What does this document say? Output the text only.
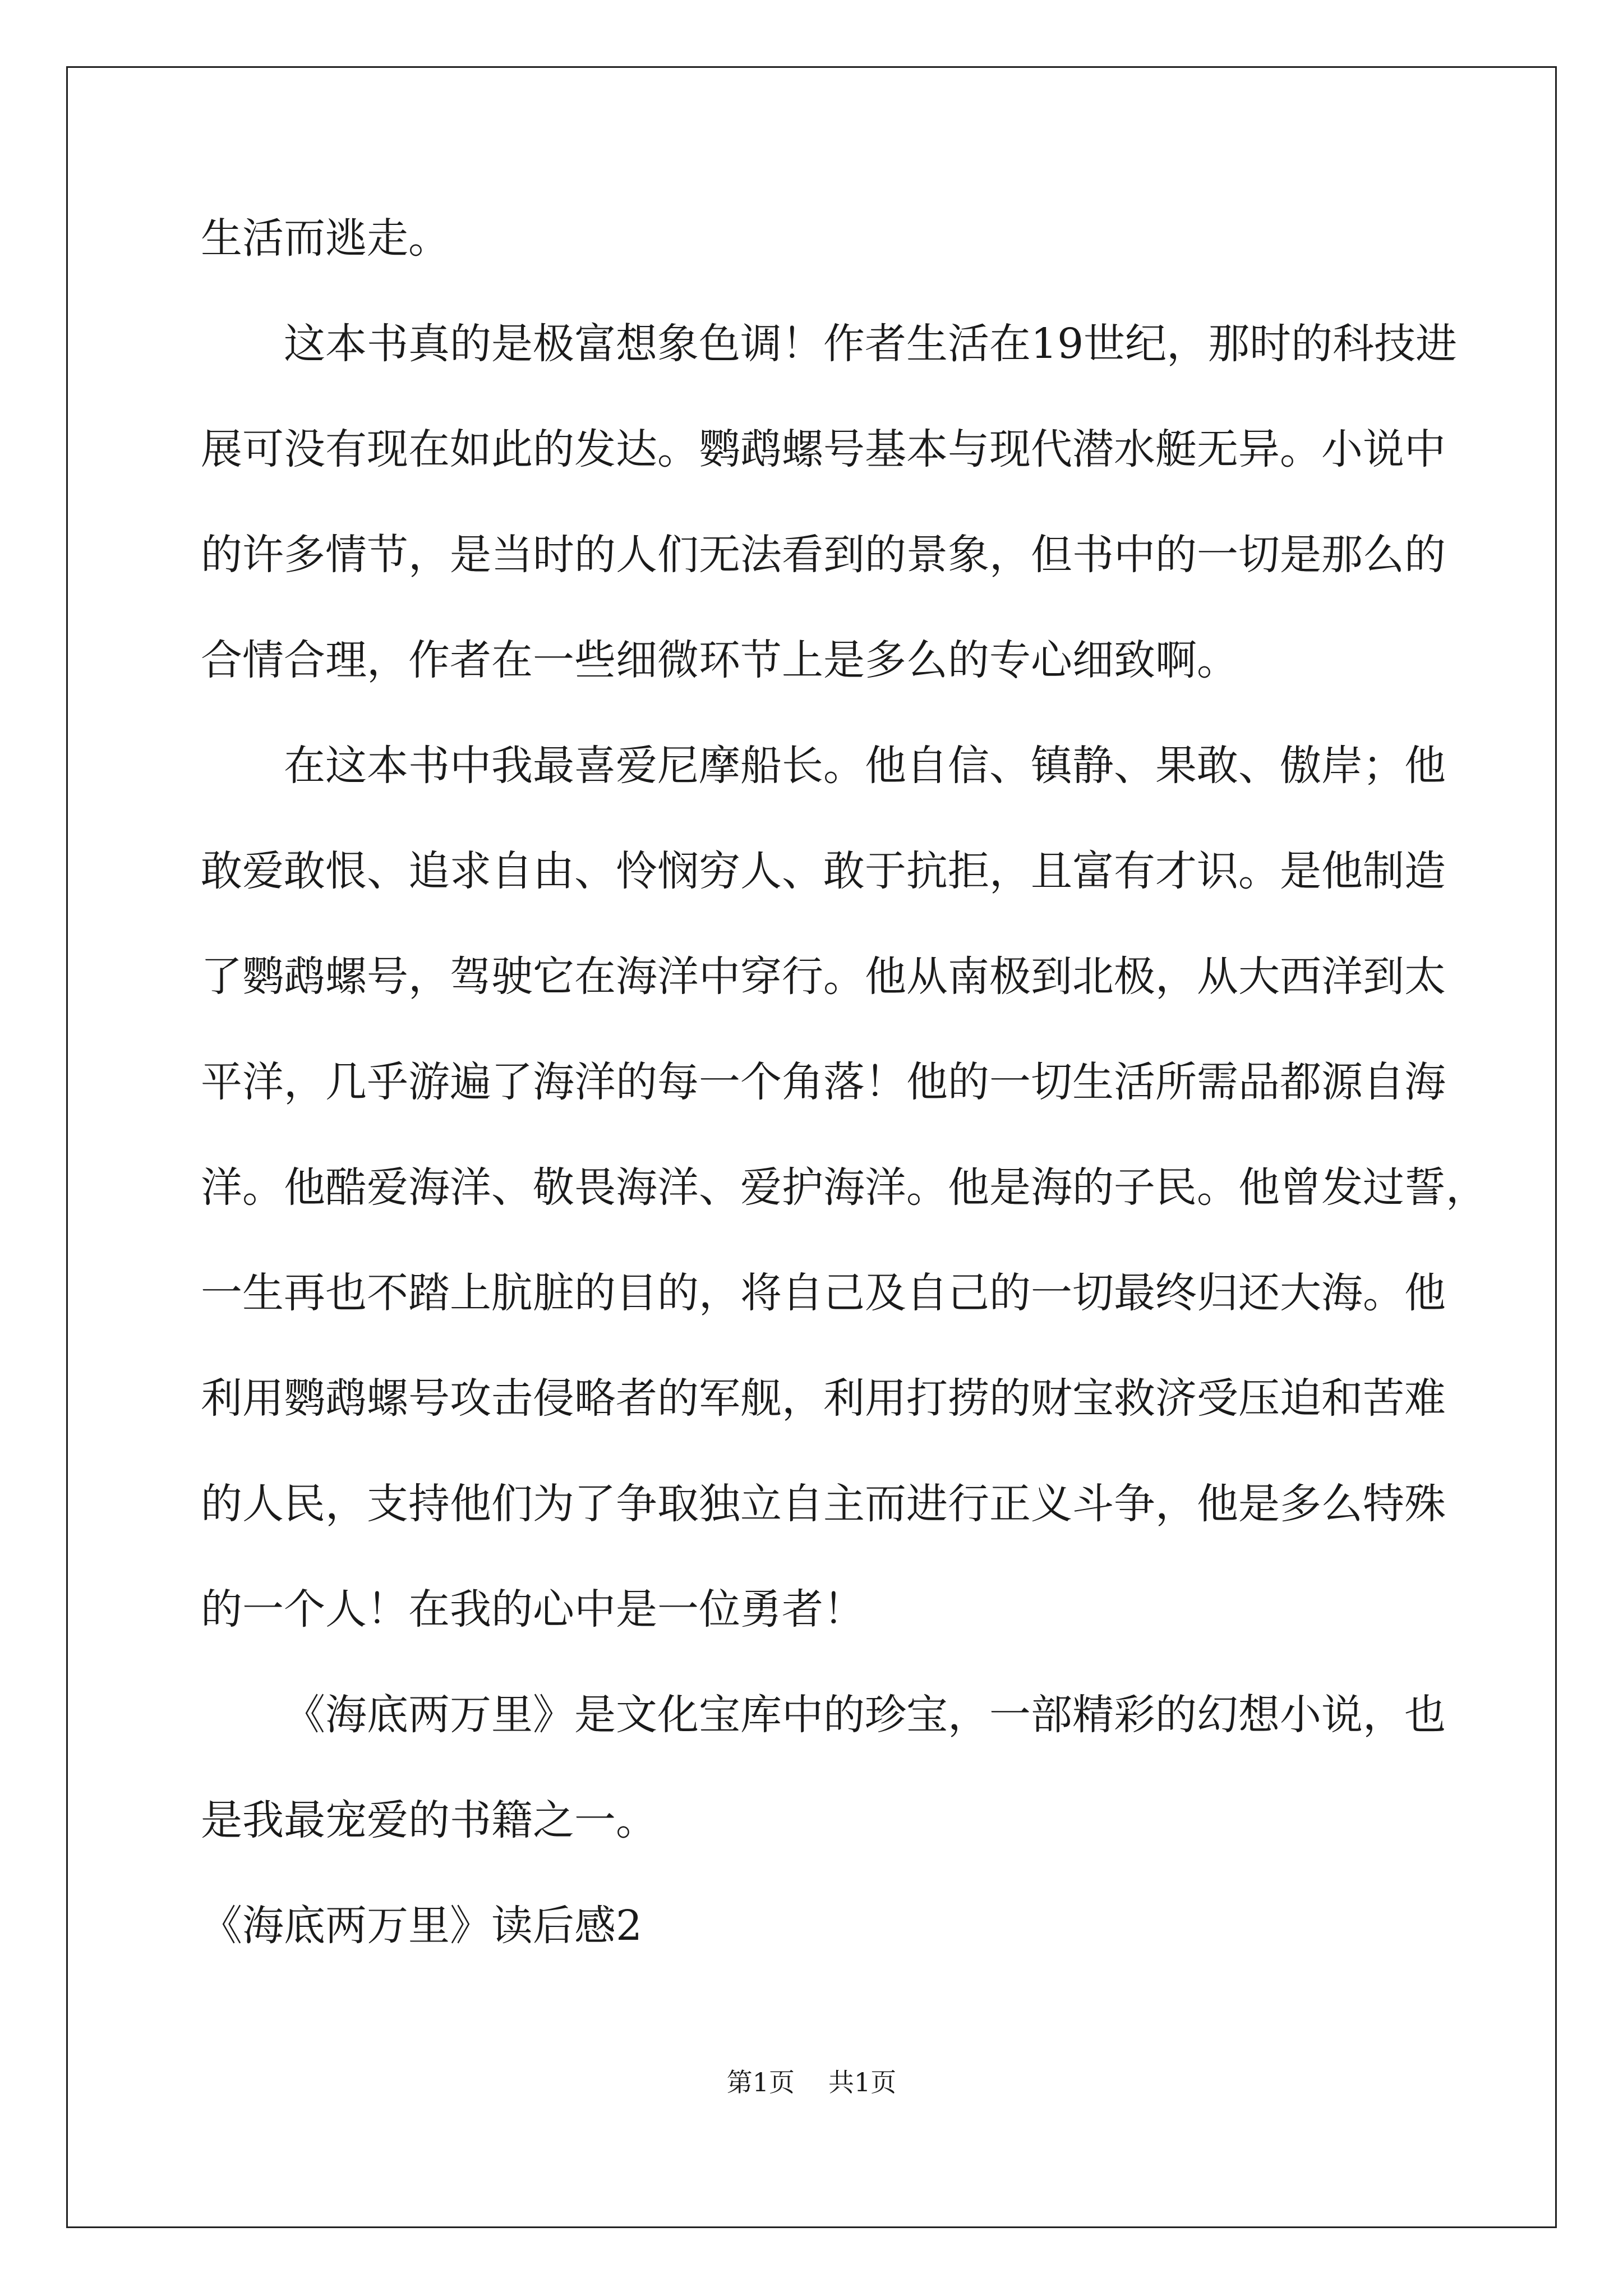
生活而逃走。
这本书真的是极富想象色调！作者生活在19世纪，那时的科技进
展可没有现在如此的发达。鹦鹉螺号基本与现代潜水艇无异。小说中
的许多情节，是当时的人们无法看到的景象，但书中的一切是那么的
合情合理，作者在一些细微环节上是多么的专心细致啊。
在这本书中我最喜爱尼摩船长。他自信、镇静、果敢、傲岸；他
敢爱敢恨、追求自由、怜悯穷人、敢于抗拒，且富有才识。是他制造
了鹦鹉螺号，驾驶它在海洋中穿行。他从南极到北极，从大西洋到太
平洋，几乎游遍了海洋的每一个角落！他的一切生活所需品都源自海
洋。他酷爱海洋、敬畏海洋、爱护海洋。他是海的子民。他曾发过誓，
一生再也不踏上肮脏的目的，将自己及自己的一切最终归还大海。他
利用鹦鹉螺号攻击侵略者的军舰，利用打捞的财宝救济受压迫和苦难
的人民，支持他们为了争取独立自主而进行正义斗争，他是多么特殊
的一个人！在我的心中是一位勇者！
《海底两万里》是文化宝库中的珍宝，一部精彩的幻想小说，也
是我最宠爱的书籍之一。
《海底两万里》读后感2
第1页 共1页
